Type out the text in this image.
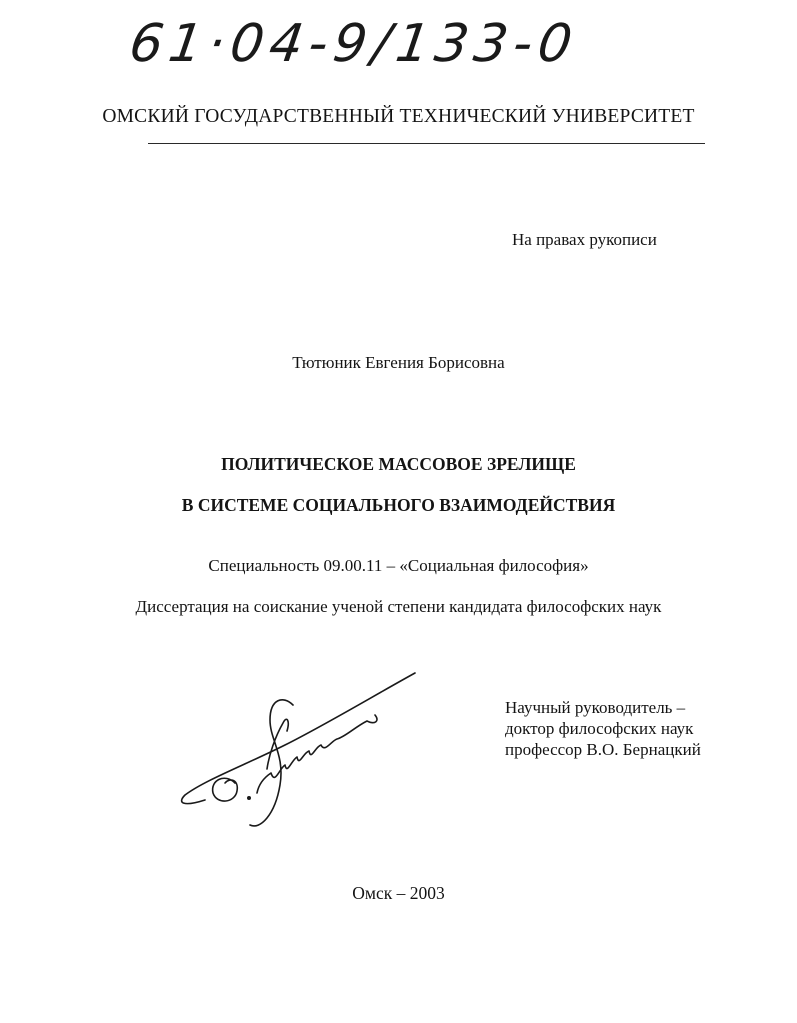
61·04-9/133-0
ОМСКИЙ ГОСУДАРСТВЕННЫЙ ТЕХНИЧЕСКИЙ УНИВЕРСИТЕТ
На правах рукописи
Тютюник Евгения Борисовна
ПОЛИТИЧЕСКОЕ МАССОВОЕ ЗРЕЛИЩЕ
В СИСТЕМЕ СОЦИАЛЬНОГО ВЗАИМОДЕЙСТВИЯ
Специальность 09.00.11 – «Социальная философия»
Диссертация на соискание ученой степени кандидата философских наук
Научный руководитель –
доктор философских наук
профессор В.О. Бернацкий
Омск – 2003
